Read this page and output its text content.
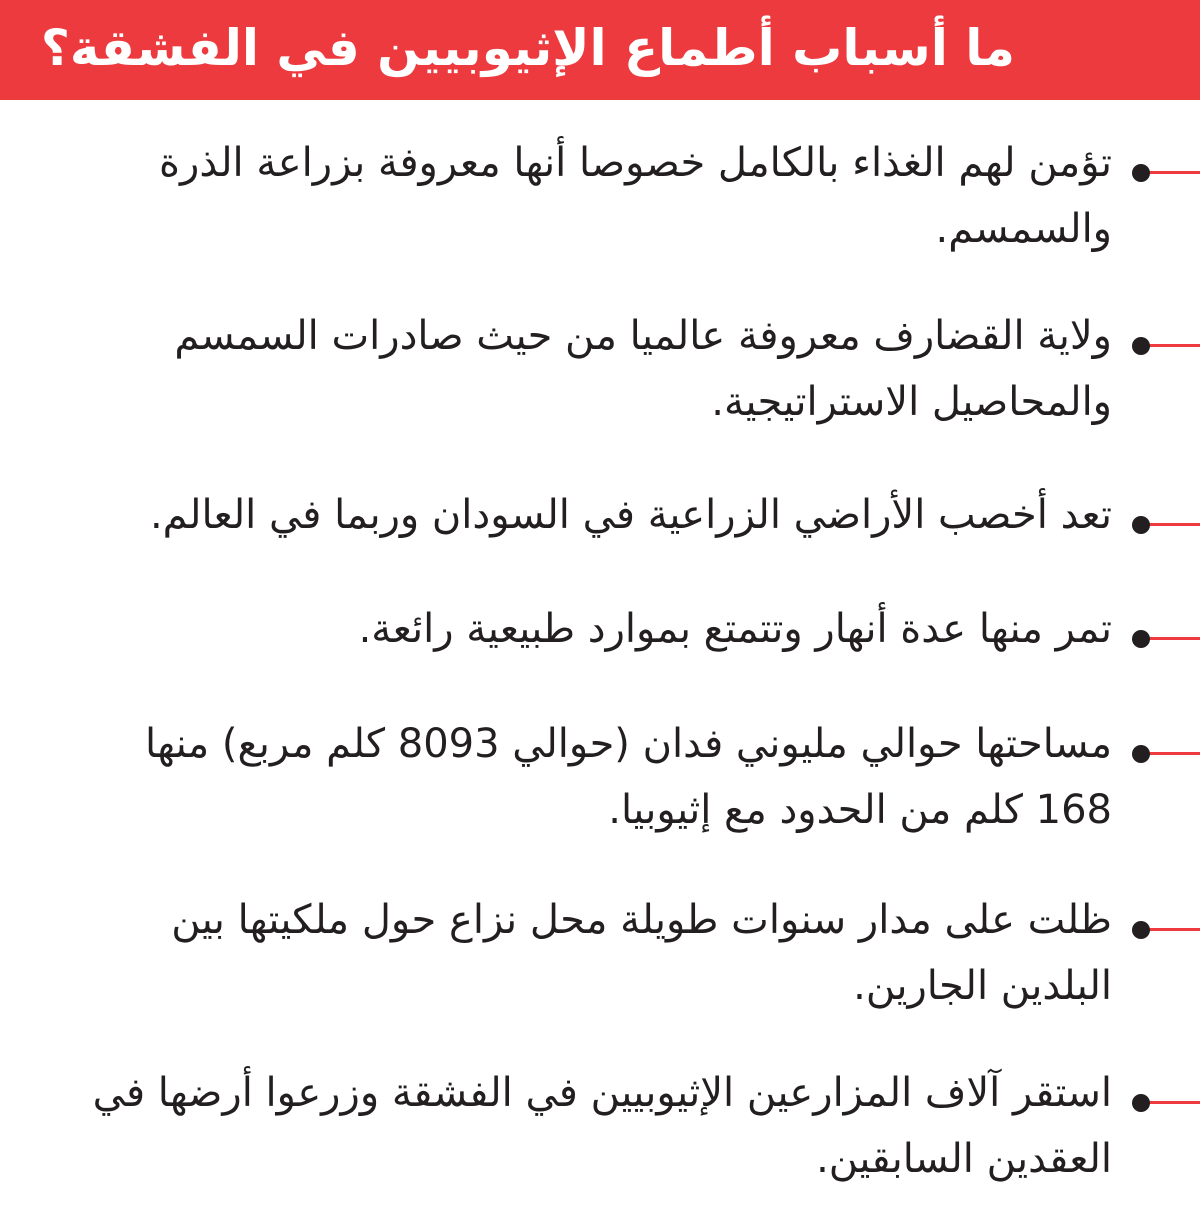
ما أسباب أطماع الإثيوبيين في الفشقة؟

تؤمن لهم الغذاء بالكامل خصوصا أنها معروفة بزراعة الذرة والسمسم.

ولاية القضارف معروفة عالميا من حيث صادرات السمسم والمحاصيل الاستراتيجية.

تعد أخصب الأراضي الزراعية في السودان وربما في العالم.

تمر منها عدة أنهار وتتمتع بموارد طبيعية رائعة.

مساحتها حوالي مليوني فدان (حوالي 8093 كلم مربع) منها 168 كلم من الحدود مع إثيوبيا.

ظلت على مدار سنوات طويلة محل نزاع حول ملكيتها بين البلدين الجارين.

استقر آلاف المزارعين الإثيوبيين في الفشقة وزرعوا أرضها في العقدين السابقين.
